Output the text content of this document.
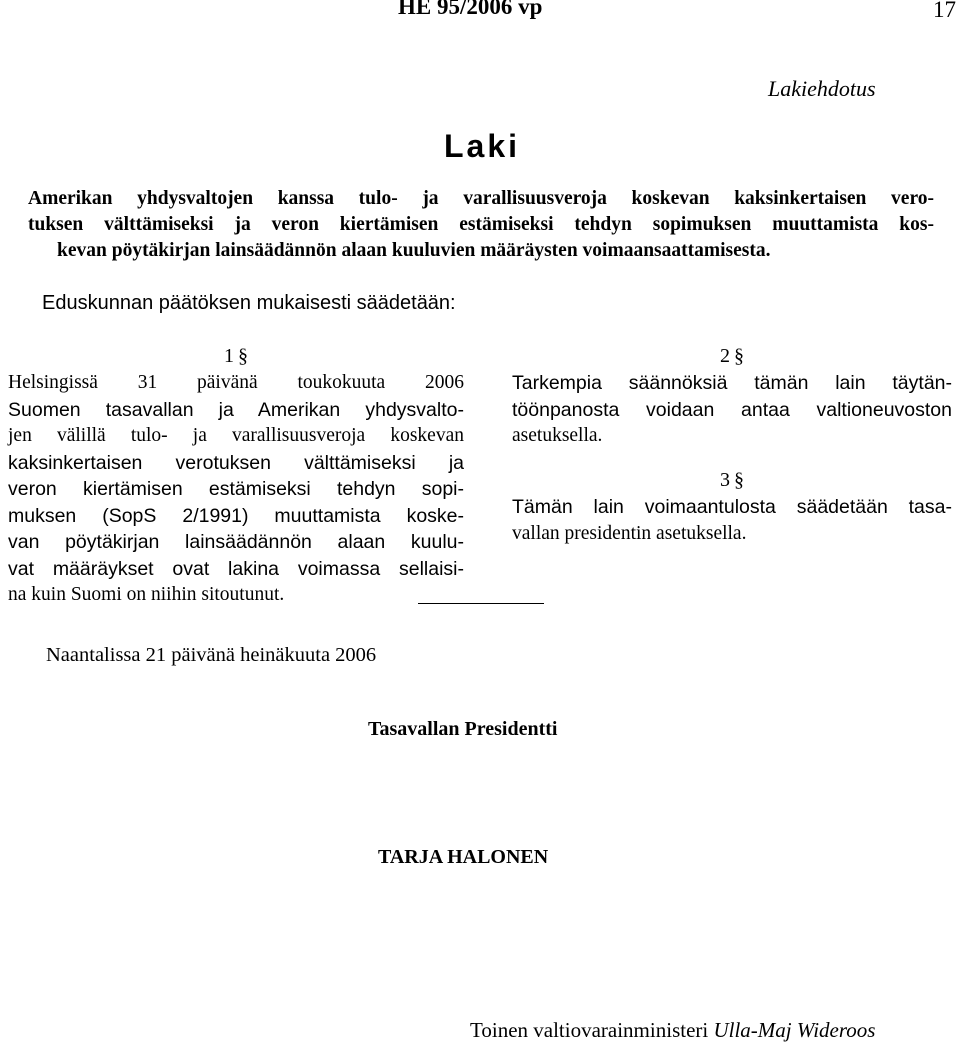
HE 95/2006 vp	17
Lakiehdotus
Laki
Amerikan yhdysvaltojen kanssa tulo- ja varallisuusveroja koskevan kaksinkertaisen vero-
tuksen välttämiseksi ja veron kiertämisen estämiseksi tehdyn sopimuksen muuttamista kos-
kevan pöytäkirjan lainsäädännön alaan kuuluvien määräysten voimaansaattamisesta.
Eduskunnan päätöksen mukaisesti säädetään:
1 §
Helsingissä 31 päivänä toukokuuta 2006
Suomen tasavallan ja Amerikan yhdysvalto-
jen välillä tulo- ja varallisuusveroja koskevan
kaksinkertaisen verotuksen välttämiseksi ja
veron kiertämisen estämiseksi tehdyn sopi-
muksen (SopS 2/1991) muuttamista koske-
van pöytäkirjan lainsäädännön alaan kuulu-
vat määräykset ovat lakina voimassa sellaisi-
na kuin Suomi on niihin sitoutunut.
2 §
Tarkempia säännöksiä tämän lain täytän-
töönpanosta voidaan antaa valtioneuvoston
asetuksella.
3 §
Tämän lain voimaantulosta säädetään tasa-
vallan presidentin asetuksella.
Naantalissa 21 päivänä heinäkuuta 2006
Tasavallan Presidentti
TARJA HALONEN
Toinen valtiovarainministeri Ulla-Maj Wideroos
